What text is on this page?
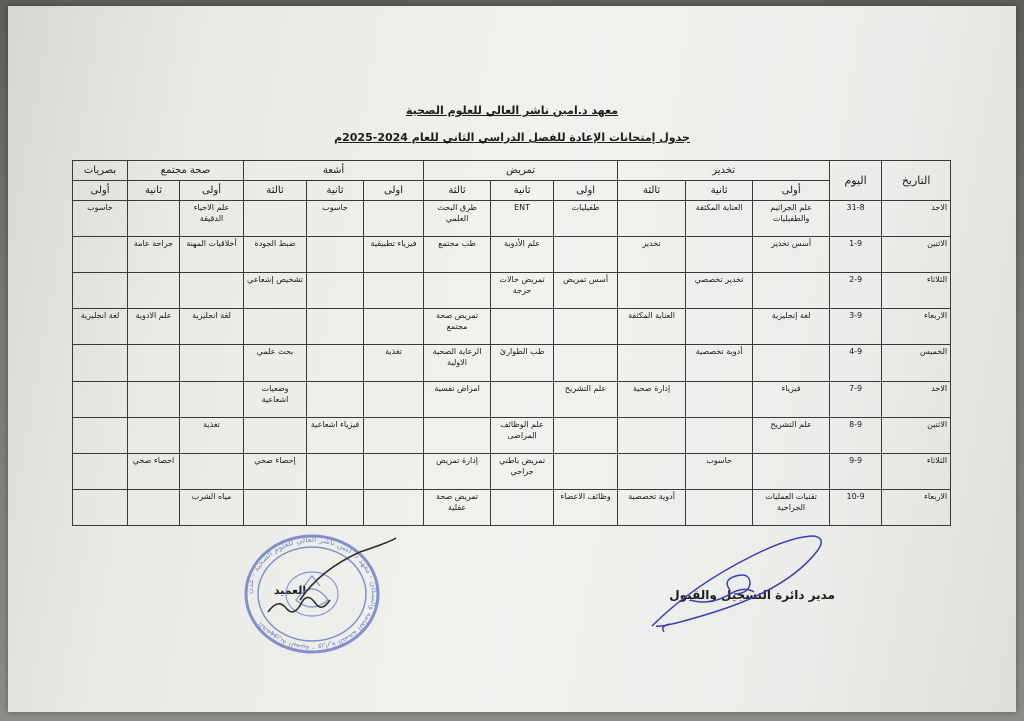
معهد د.امين ناشر العالي للعلوم الصحية
جدول إمتحانات الإعادة للفصل الدراسي الثاني للعام 2024-2025م
التاريخ	اليوم	تخدير			تمريض			أشعة			صحة مجتمع		بصريات
		أولى	ثانية	ثالثة	اولى	ثانية	ثالثة	اولى	ثانية	ثالثة	أولى	ثانية	أولى
الاحد	31-8	علم الجراثيم والطفيليات	العناية المكثفة		طفيليات	ENT	طرق البحث العلمي		حاسوب		علم الاحياء الدقيقة		حاسوب
الاثنين	1-9	أسس تخدير		تخدير		علم الأدوية	طب مجتمع	فيزياء تطبيقية		ضبط الجودة	أخلاقيات المهنة	جراحة عامة	
الثلاثاء	2-9		تخدير تخصصي		أسس تمريض	تمريض حالات حرجة				تشخيص إشعاعي			
الاربعاء	3-9	لغة إنجليزية		العناية المكثفة			تمريض صحة مجتمع				لغة انجليزية	علم الادوية	لغة انجليزية
الخميس	4-9		أدوية تخصصية			طب الطوارئ	الرعاية الصحية الاولية	تغذية		بحث علمي			
الاحد	7-9	فيزياء		إدارة صحية	علم التشريح		امراض نفسية			وضعيات اشعاعية			
الاثنين	8-9	علم التشريح				علم الوظائف المراضى			فيزياء اشعاعية		تغذية		
الثلاثاء	9-9		حاسوب			تمريض باطني جراحي	إدارة تمريض			إحصاء صحي		احصاء صحي	
الاربعاء	10-9	تقنيات العمليات الجراحية		أدوية تخصصية	وظائف الاعضاء		تمريض صحة عقلية				مياه الشرب		
مدير دائرة التسجيل والقبول
العميد
الجمهورية اليمنية - وزارة الصحة العامة والسكان - معهد د. امين ناشر العالي للعلوم الصحية - عدن
